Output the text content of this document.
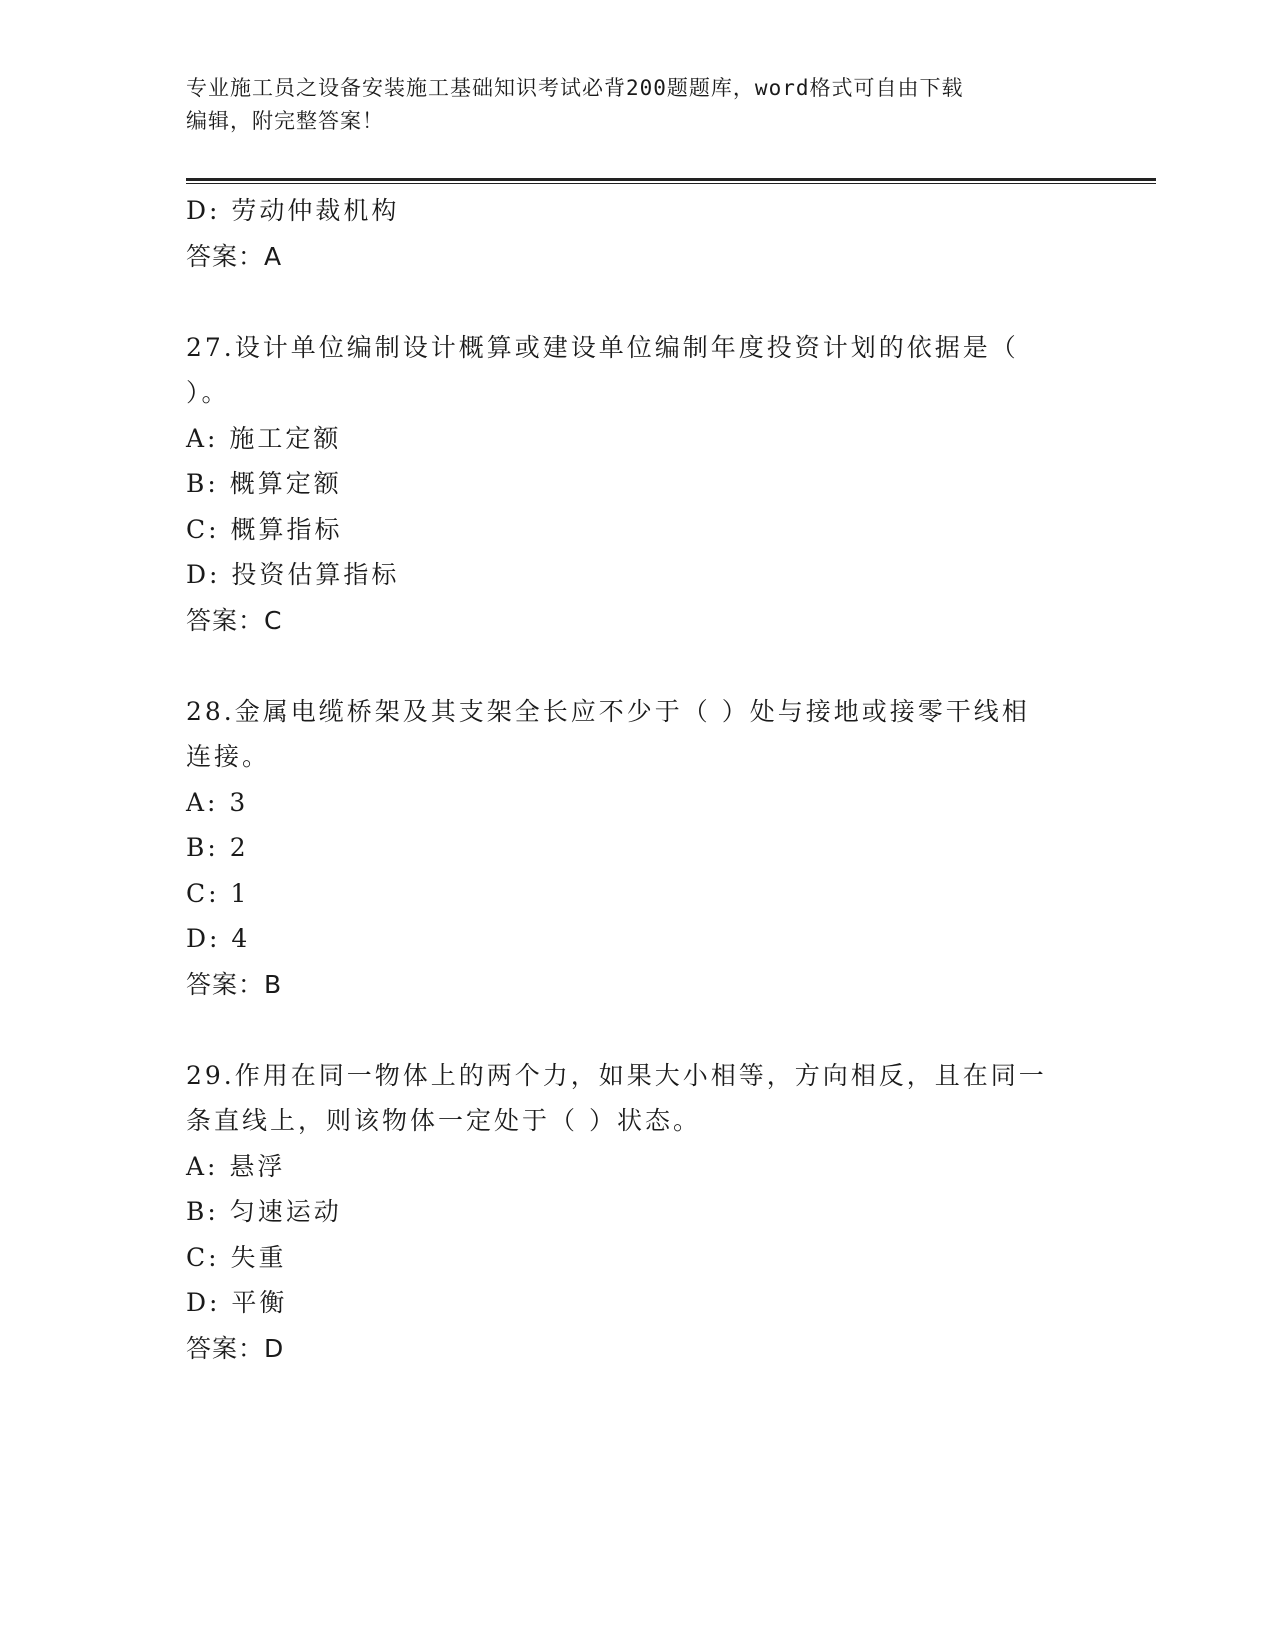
专业施工员之设备安装施工基础知识考试必背200题题库，word格式可自由下载
编辑，附完整答案！
D: 劳动仲裁机构
答案：A
27.设计单位编制设计概算或建设单位编制年度投资计划的依据是（
）。
A: 施工定额
B: 概算定额
C: 概算指标
D: 投资估算指标
答案：C
28.金属电缆桥架及其支架全长应不少于（ ）处与接地或接零干线相
连接。
A: 3
B: 2
C: 1
D: 4
答案：B
29.作用在同一物体上的两个力，如果大小相等，方向相反，且在同一
条直线上，则该物体一定处于（ ）状态。
A: 悬浮
B: 匀速运动
C: 失重
D: 平衡
答案：D
